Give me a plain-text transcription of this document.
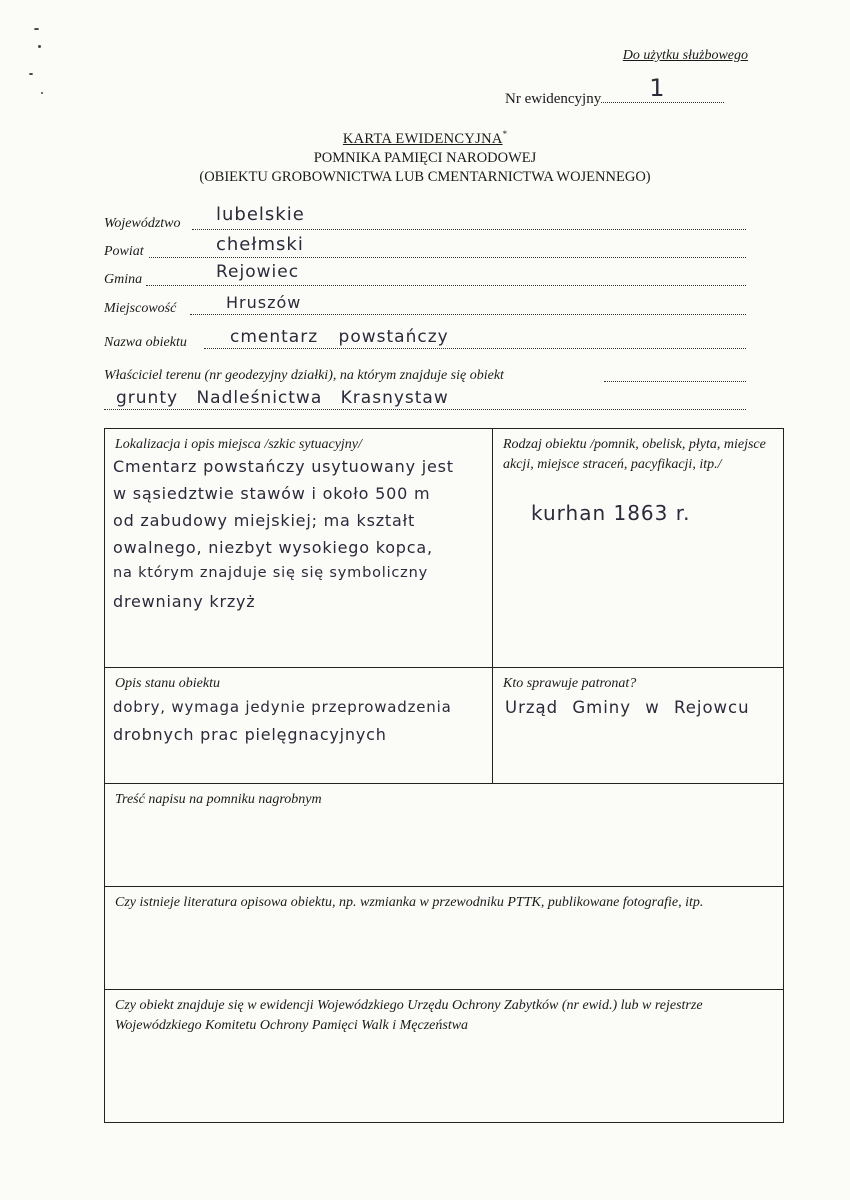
Do użytku służbowego
Nr ewidencyjny 1
KARTA EWIDENCYJNA*
POMNIKA PAMIĘCI NARODOWEJ
(OBIEKTU GROBOWNICTWA LUB CMENTARNICTWA WOJENNEGO)
Województwo lubelskie
Powiat	chełmski
Gmina	Rejowiec
Miejscowość	Hruszów
Nazwa obiektu	cmentarz powstańczy
Właściciel terenu (nr geodezyjny działki), na którym znajduje się obiekt
grunty Nadleśnictwa Krasnystaw
Lokalizacja i opis miejsca /szkic sytuacyjny/
Cmentarz powstańczy usytuowany jest
w sąsiedztwie stawów i około 500 m
od zabudowy miejskiej; ma kształt
owalnego, niezbyt wysokiego kopca,
na którym znajduje się się symboliczny
drewniany krzyż
Rodzaj obiektu /pomnik, obelisk, płyta, miejsce akcji, miejsce straceń, pacyfikacji, itp./
kurhan 1863 r.
Opis stanu obiektu
dobry, wymaga jedynie przeprowadzenia
drobnych prac pielęgnacyjnych
Kto sprawuje patronat?
Urząd Gminy w Rejowcu
Treść napisu na pomniku nagrobnym
Czy istnieje literatura opisowa obiektu, np. wzmianka w przewodniku PTTK, publikowane fotografie, itp.
Czy obiekt znajduje się w ewidencji Wojewódzkiego Urzędu Ochrony Zabytków (nr ewid.) lub w rejestrze Wojewódzkiego Komitetu Ochrony Pamięci Walk i Męczeństwa
